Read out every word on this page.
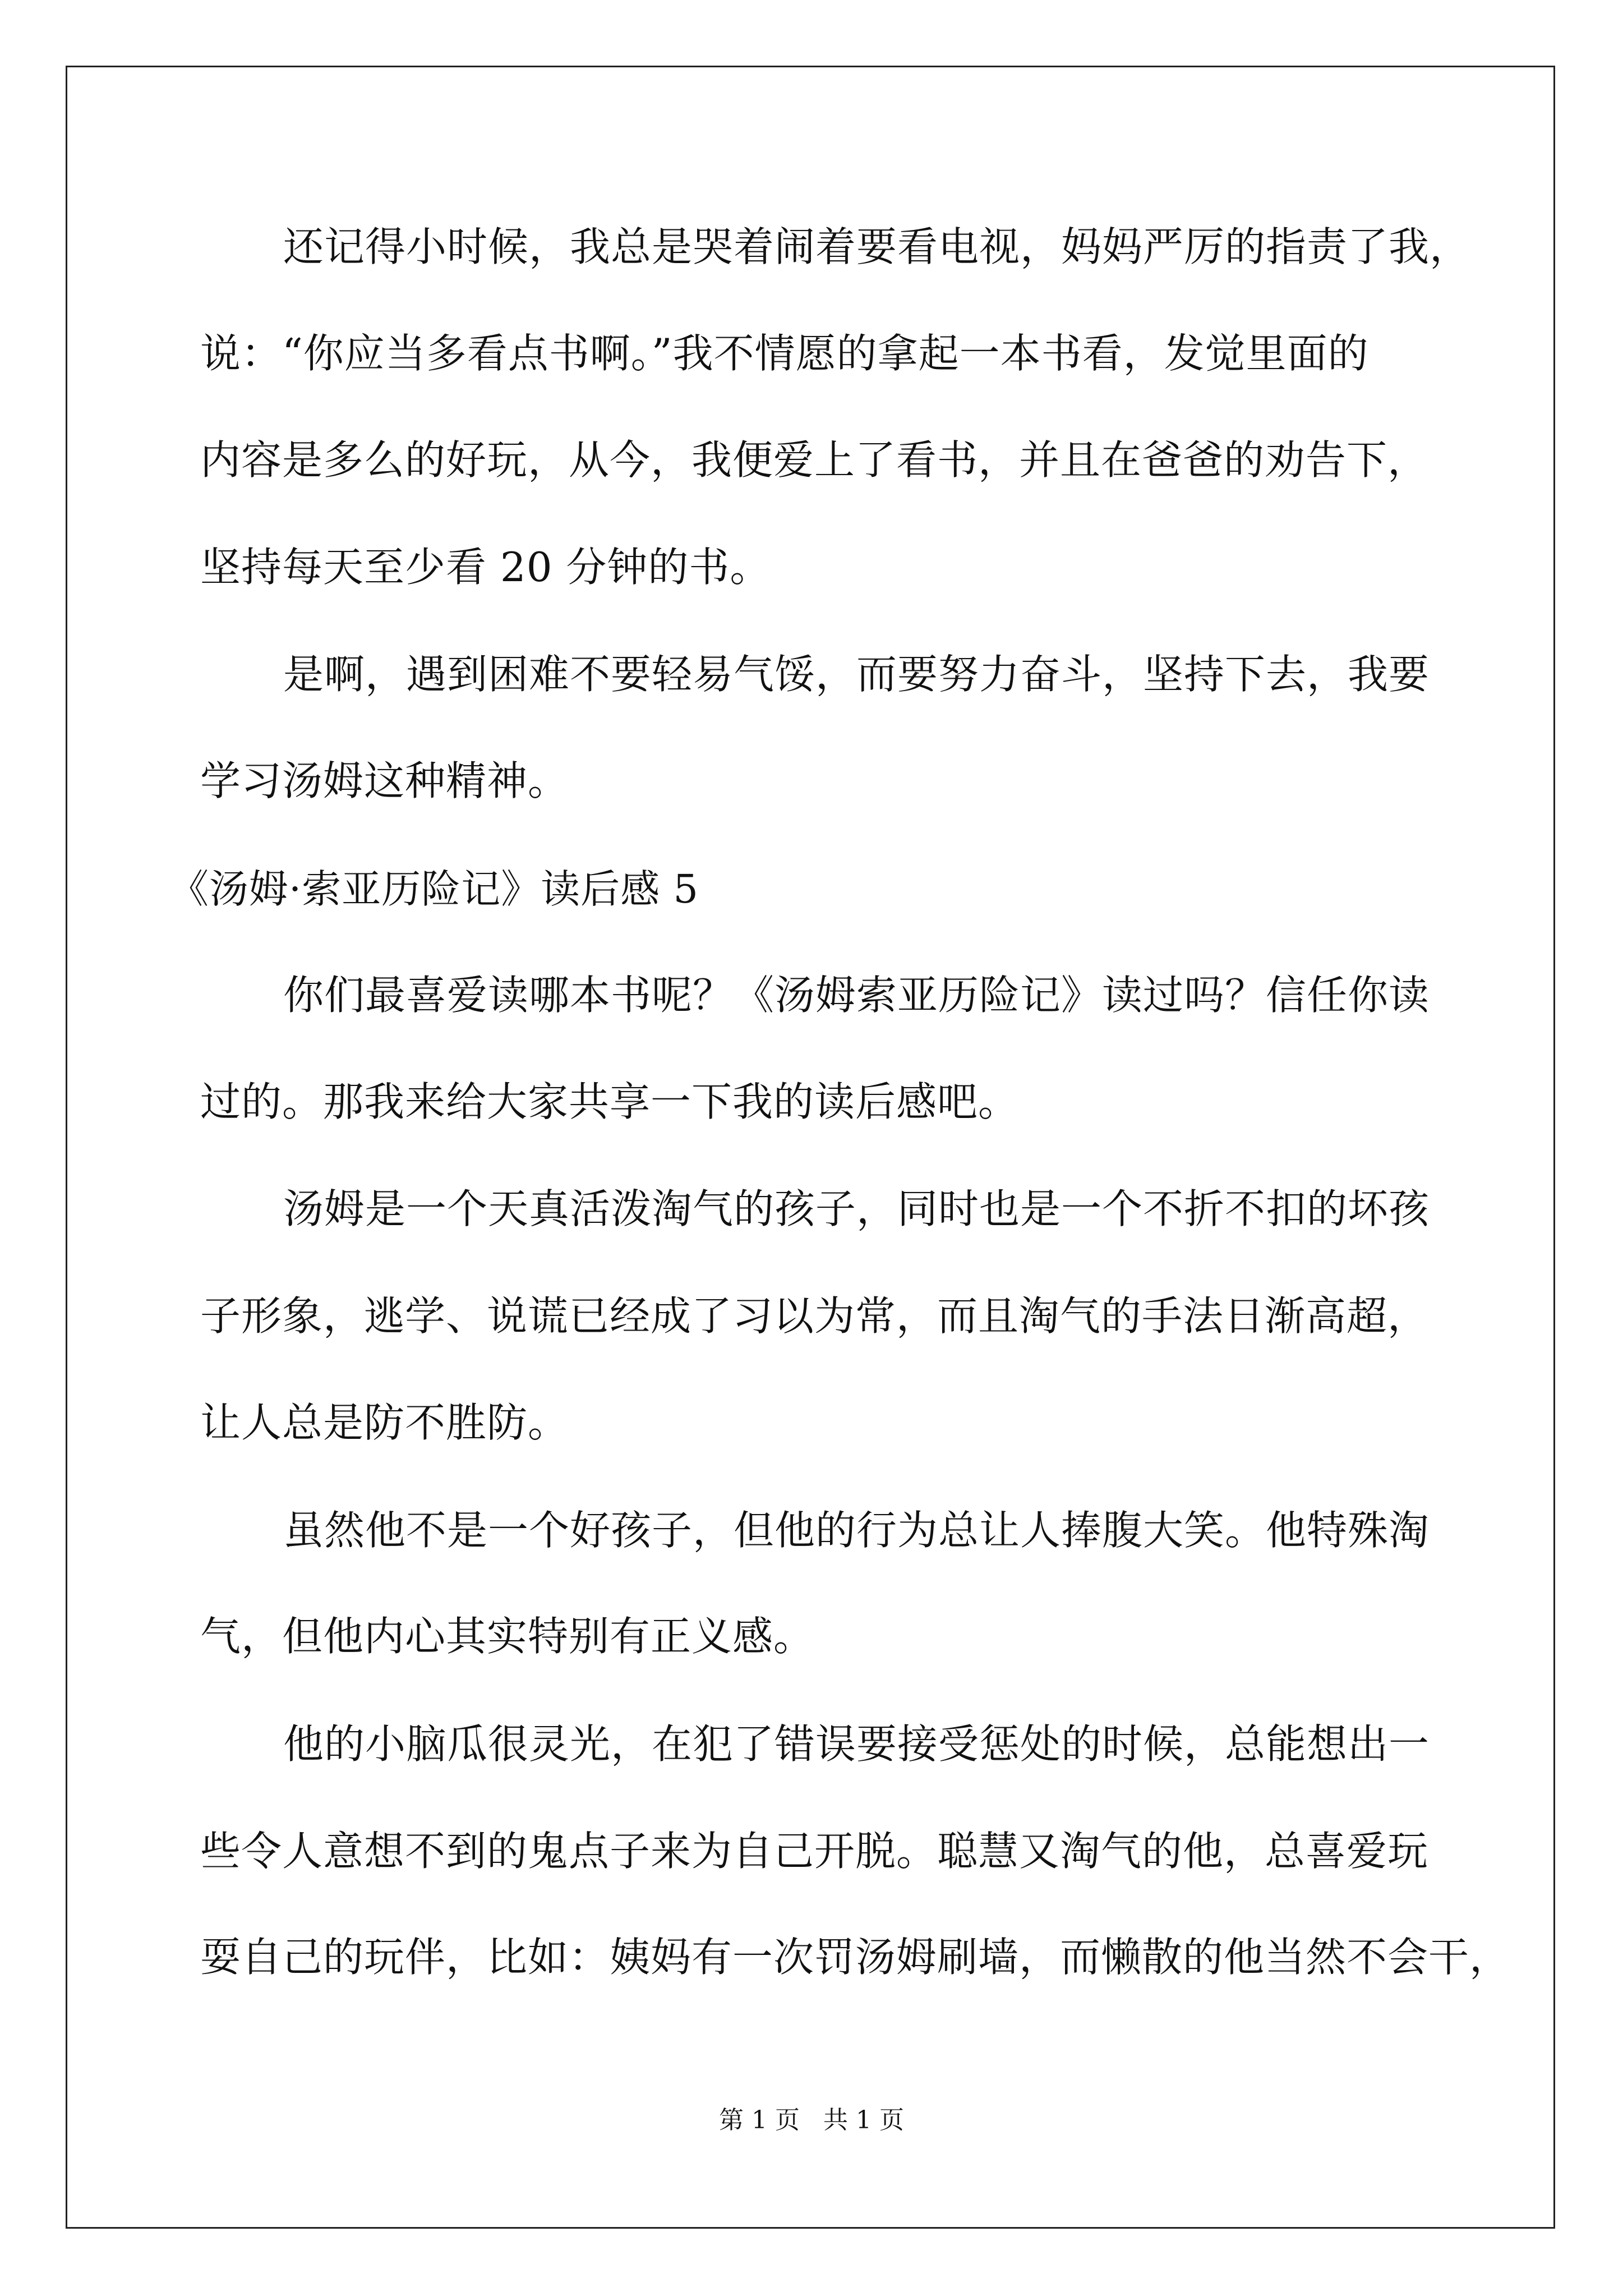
还记得小时候，我总是哭着闹着要看电视，妈妈严厉的指责了我，
说：“你应当多看点书啊。”我不情愿的拿起一本书看，发觉里面的
内容是多么的好玩，从今，我便爱上了看书，并且在爸爸的劝告下，
坚持每天至少看 20 分钟的书。
是啊，遇到困难不要轻易气馁，而要努力奋斗，坚持下去，我要
学习汤姆这种精神。
《汤姆·索亚历险记》读后感 5
你们最喜爱读哪本书呢？《汤姆索亚历险记》读过吗？信任你读
过的。那我来给大家共享一下我的读后感吧。
汤姆是一个天真活泼淘气的孩子，同时也是一个不折不扣的坏孩
子形象，逃学、说谎已经成了习以为常，而且淘气的手法日渐高超，
让人总是防不胜防。
虽然他不是一个好孩子，但他的行为总让人捧腹大笑。他特殊淘
气，但他内心其实特别有正义感。
他的小脑瓜很灵光，在犯了错误要接受惩处的时候，总能想出一
些令人意想不到的鬼点子来为自己开脱。聪慧又淘气的他，总喜爱玩
耍自己的玩伴，比如：姨妈有一次罚汤姆刷墙，而懒散的他当然不会干，
第 1 页   共 1 页
